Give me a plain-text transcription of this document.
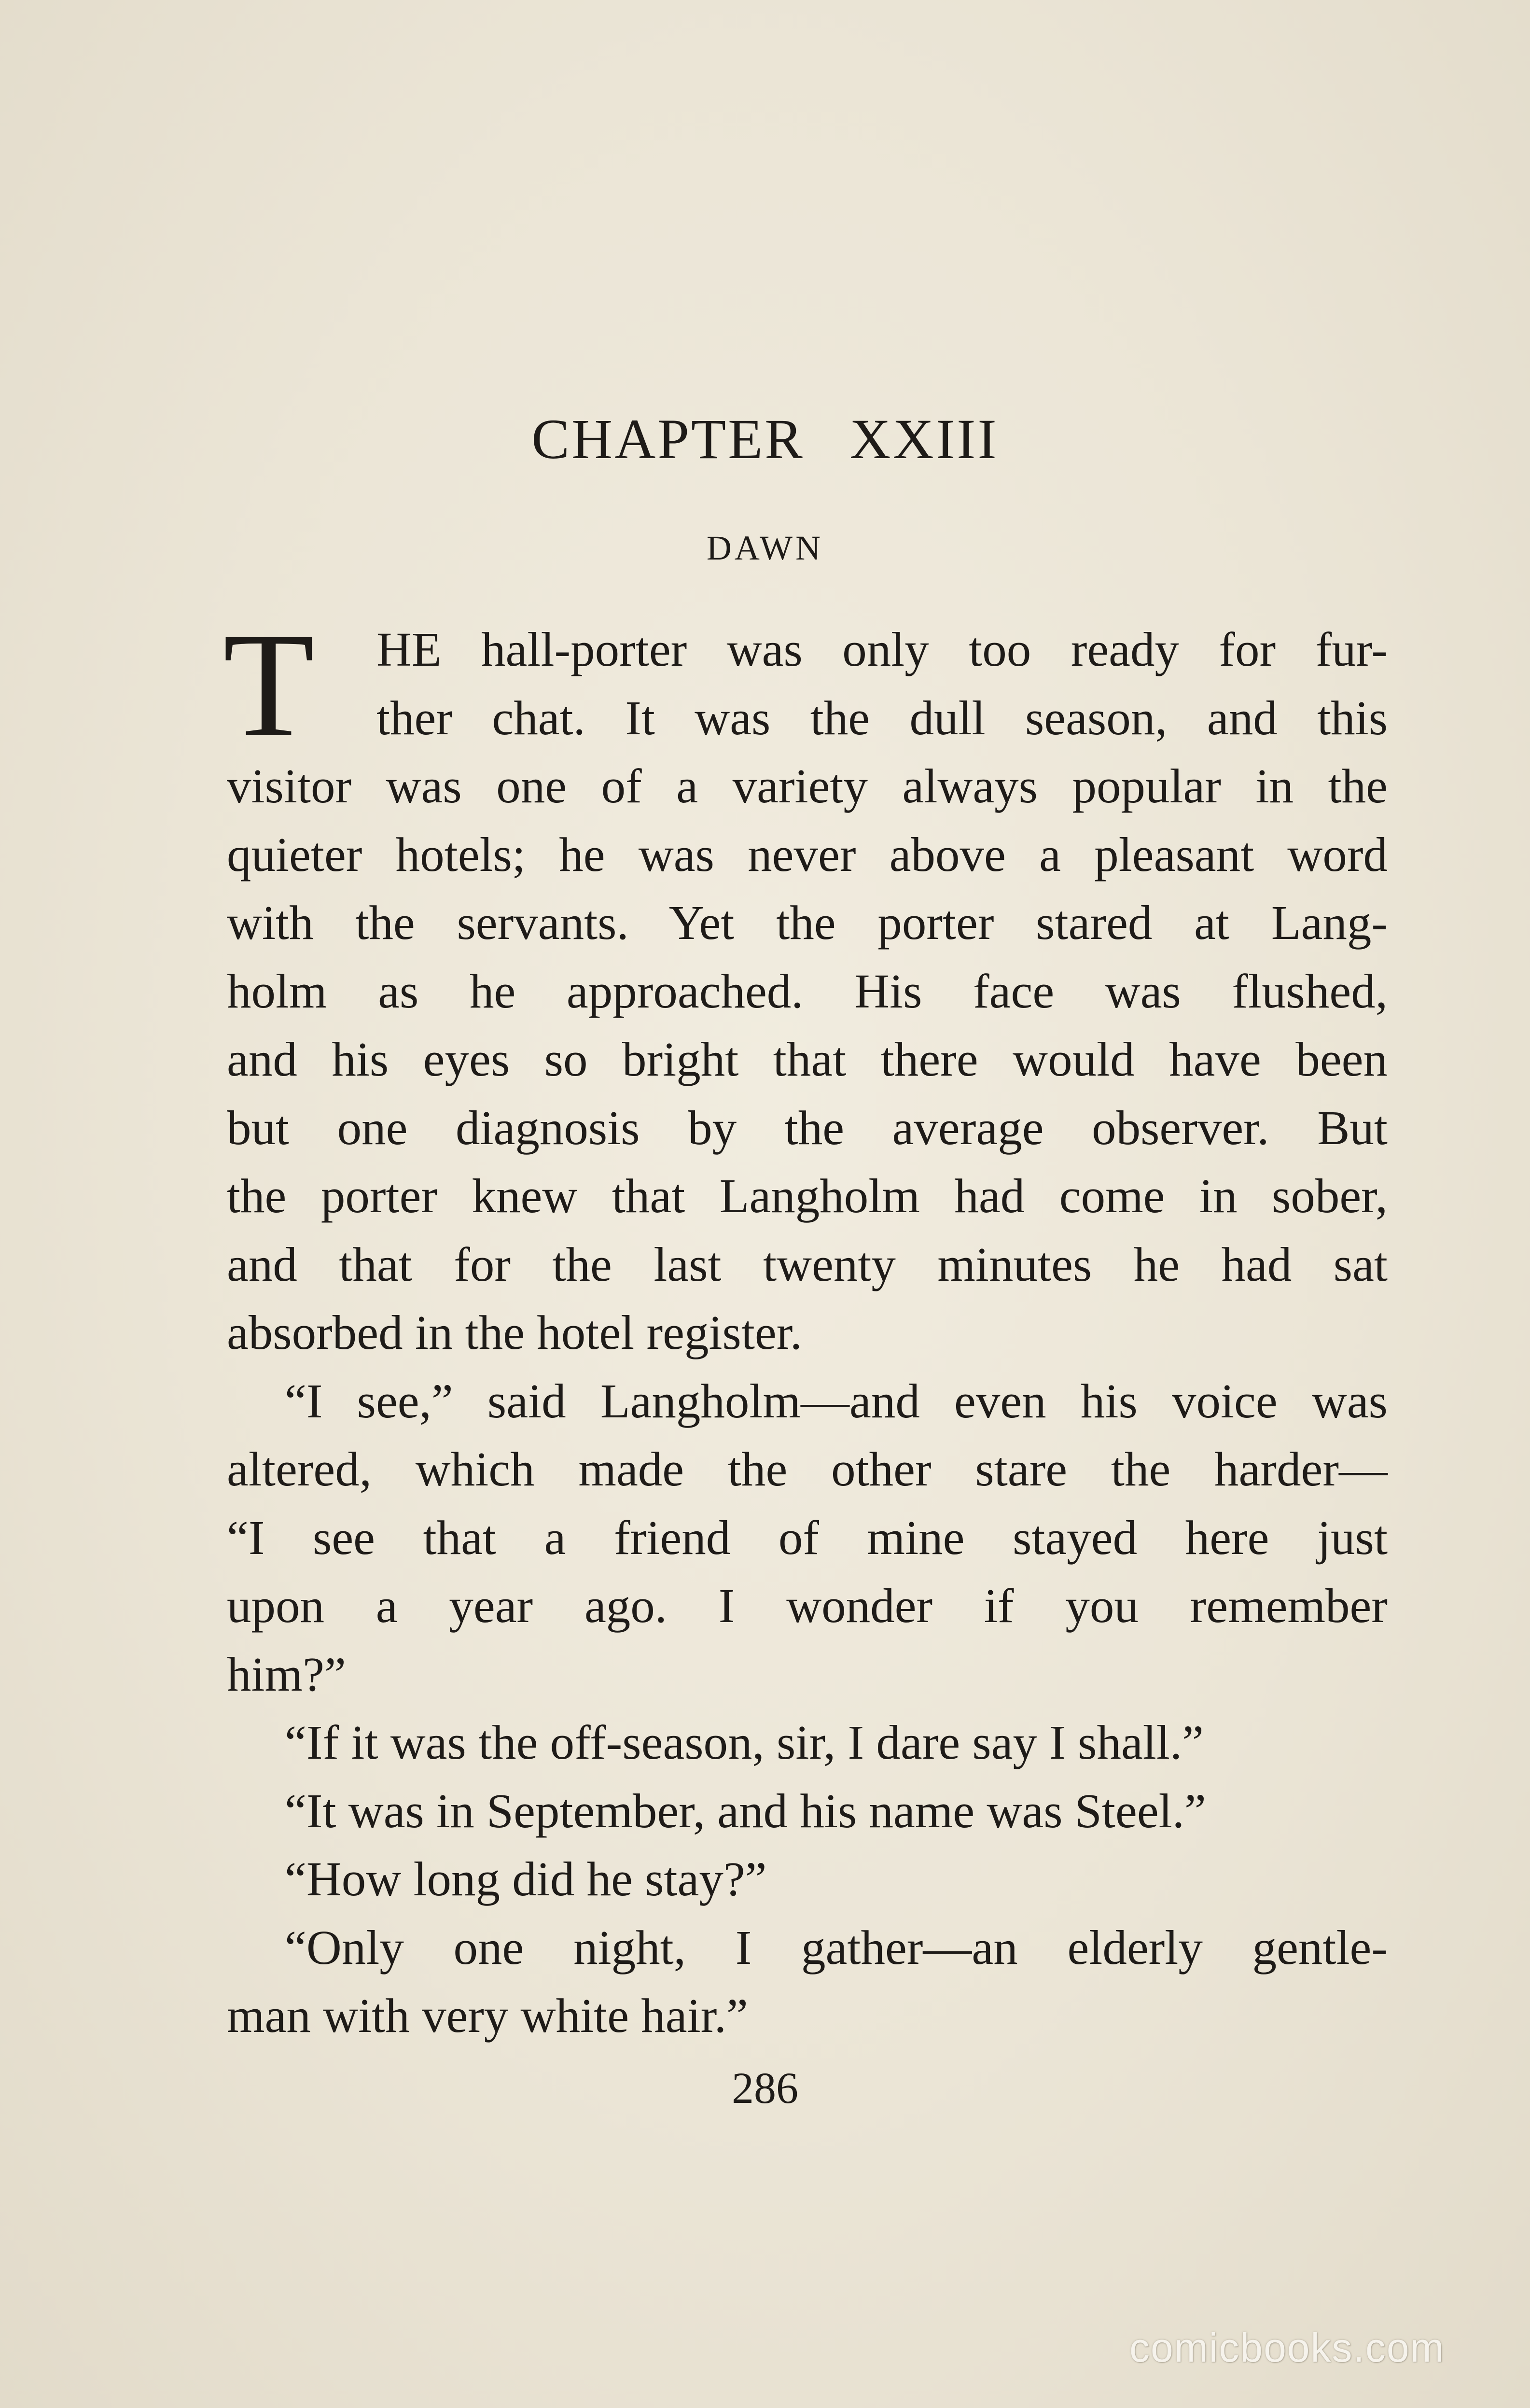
CHAPTER XXIII
DAWN
T	HE hall-porter was only too ready for fur-
ther chat. It was the dull season, and this
visitor was one of a variety always popular in the
quieter hotels; he was never above a pleasant word
with the servants. Yet the porter stared at Lang-
holm as he approached. His face was flushed,
and his eyes so bright that there would have been
but one diagnosis by the average observer. But
the porter knew that Langholm had come in sober,
and that for the last twenty minutes he had sat
absorbed in the hotel register.
“I see,” said Langholm—and even his voice was
altered, which made the other stare the harder—
“I see that a friend of mine stayed here just
upon a year ago. I wonder if you remember
him?”
“If it was the off-season, sir, I dare say I shall.”
“It was in September, and his name was Steel.”
“How long did he stay?”
“Only one night, I gather—an elderly gentle-
man with very white hair.”
286
comicbooks.com
